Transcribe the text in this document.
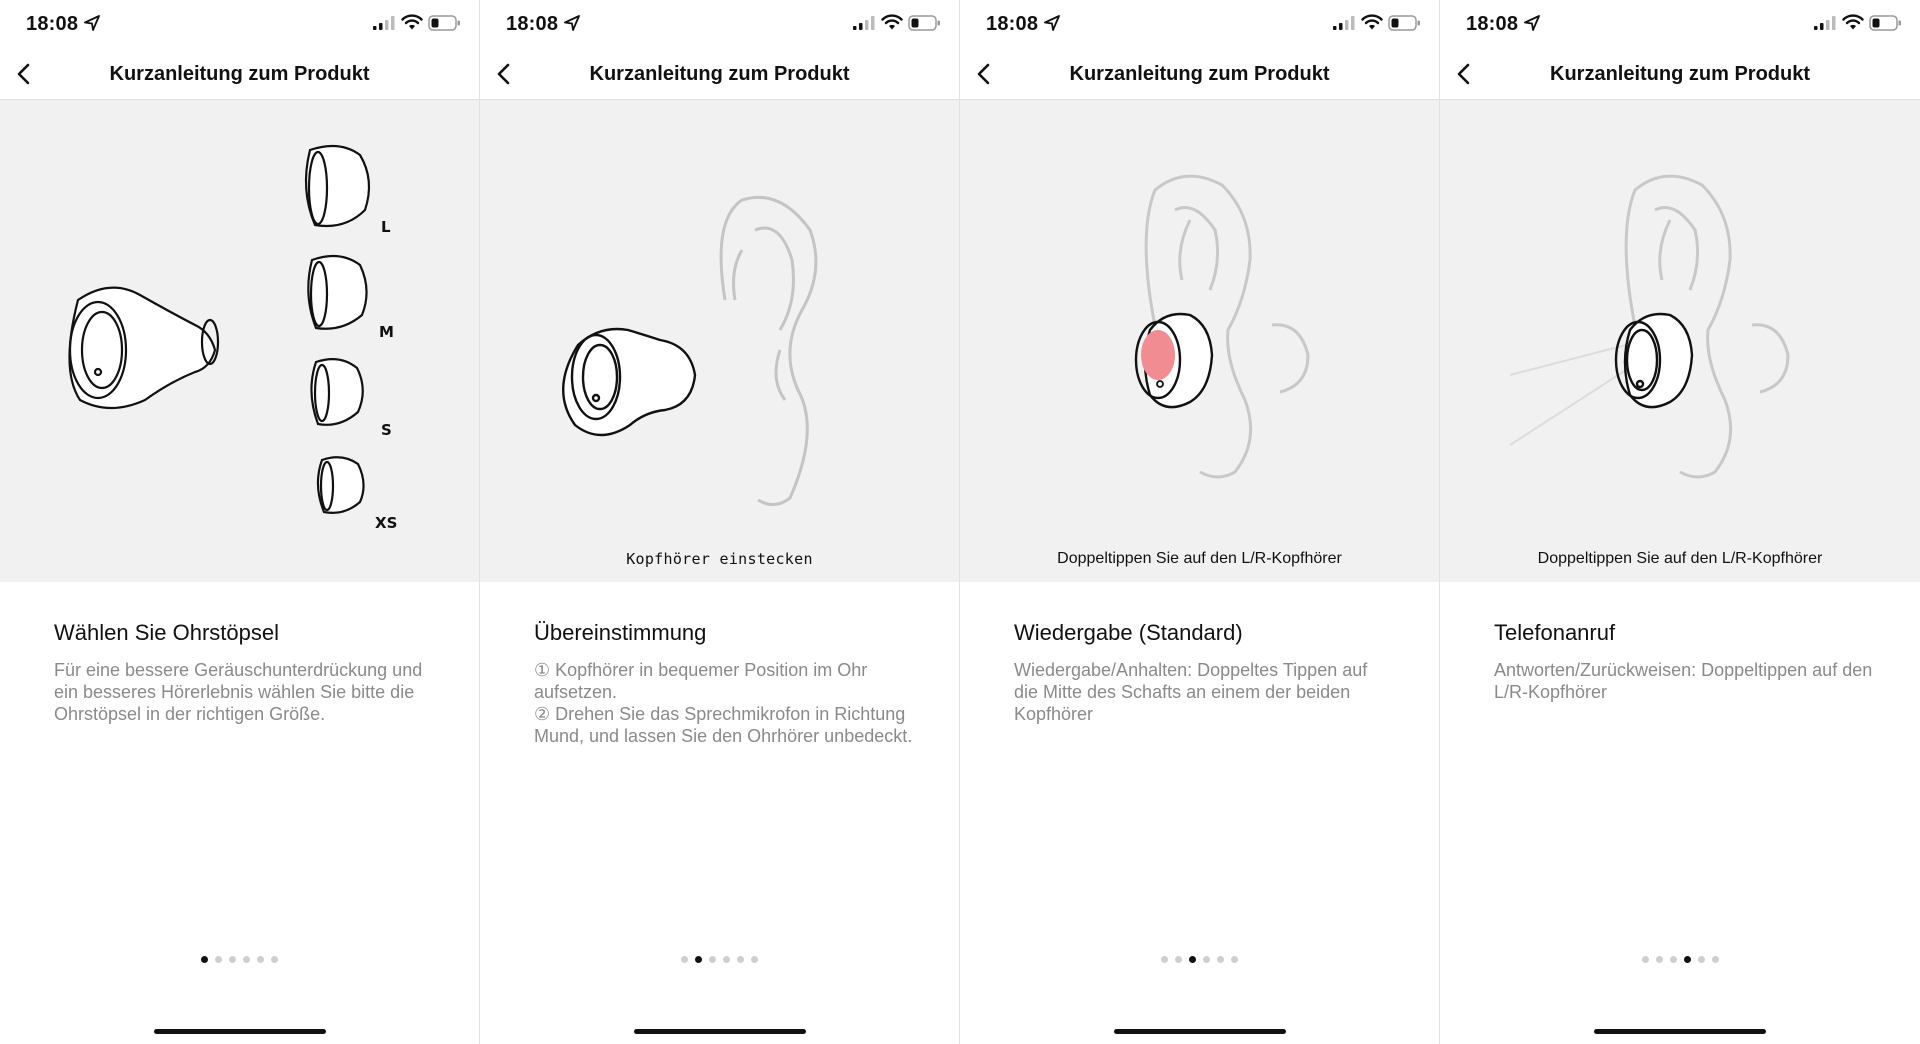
18:08
Kurzanleitung zum Produkt
L
M
S
XS
Wählen Sie Ohrstöpsel
Für eine bessere Geräuschunterdrückung und ein besseres Hörerlebnis wählen Sie bitte die Ohrstöpsel in der richtigen Größe.
18:08
Kurzanleitung zum Produkt
Kopfhörer einstecken
Übereinstimmung
① Kopfhörer in bequemer Position im Ohr aufsetzen.
② Drehen Sie das Sprechmikrofon in Richtung Mund, und lassen Sie den Ohrhörer unbedeckt.
18:08
Kurzanleitung zum Produkt
Doppeltippen Sie auf den L/R-Kopfhörer
Wiedergabe (Standard)
Wiedergabe/Anhalten: Doppeltes Tippen auf die Mitte des Schafts an einem der beiden Kopfhörer
18:08
Kurzanleitung zum Produkt
Doppeltippen Sie auf den L/R-Kopfhörer
Telefonanruf
Antworten/Zurückweisen: Doppeltippen auf den L/R-Kopfhörer
